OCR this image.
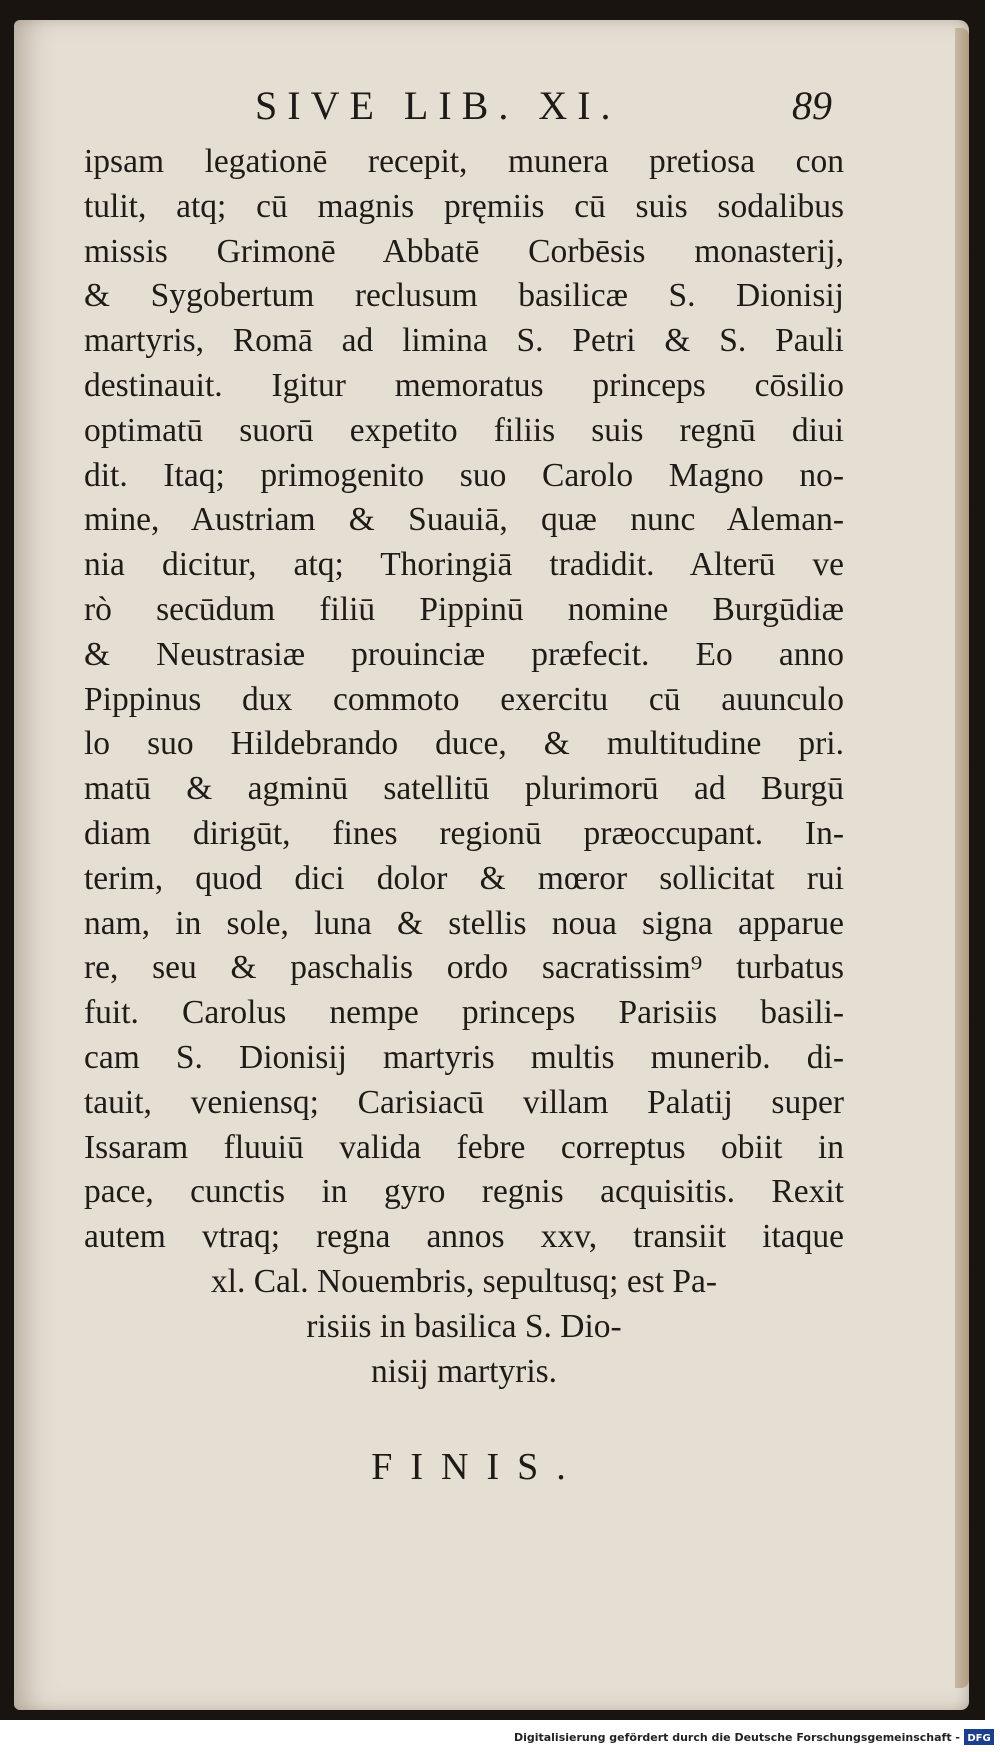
SIVE LIB. XI.	89
ipsam legationē recepit, munera pretiosa con
tulit, atq; cū magnis pręmiis cū suis sodalibus
missis Grimonē Abbatē Corbēsis monasterij,
& Sygobertum reclusum basilicæ S. Dionisij
martyris, Romā ad limina S. Petri & S. Pauli
destinauit. Igitur memoratus princeps cōsilio
optimatū suorū expetito filiis suis regnū diui
dit. Itaq; primogenito suo Carolo Magno no-
mine, Austriam & Suauiā, quæ nunc Aleman-
nia dicitur, atq; Thoringiā tradidit. Alterū ve
rò secūdum filiū Pippinū nomine Burgūdiæ
& Neustrasiæ prouinciæ præfecit. Eo anno
Pippinus dux commoto exercitu cū auunculo
lo suo Hildebrando duce, & multitudine pri.
matū & agminū satellitū plurimorū ad Burgū
diam dirigūt, fines regionū præoccupant. In-
terim, quod dici dolor & mœror sollicitat rui
nam, in sole, luna & stellis noua signa apparue
re, seu & paschalis ordo sacratissim⁹ turbatus
fuit. Carolus nempe princeps Parisiis basili-
cam S. Dionisij martyris multis munerib. di-
tauit, veniensq; Carisiacū villam Palatij super
Issaram fluuiū valida febre correptus obiit in
pace, cunctis in gyro regnis acquisitis. Rexit
autem vtraq; regna annos xxv, transiit itaque
xl. Cal. Nouembris, sepultusq; est Pa-
risiis in basilica S. Dio-
nisij martyris.
FINIS.
Digitalisierung gefördert durch die Deutsche Forschungsgemeinschaft - DFG
